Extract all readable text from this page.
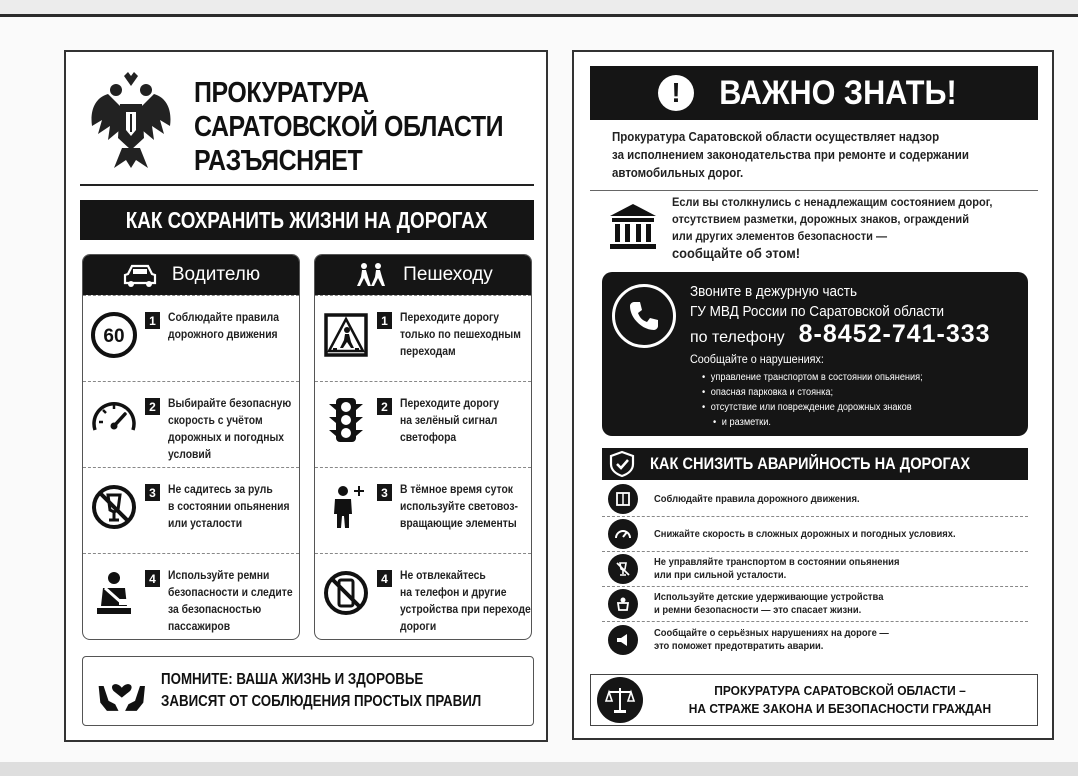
ПРОКУРАТУРА
САРАТОВСКОЙ ОБЛАСТИ
РАЗЪЯСНЯЕТ
КАК СОХРАНИТЬ ЖИЗНИ НА ДОРОГАХ
Водителю
60
1	Соблюдайте правила
дорожного движения
2	Выбирайте безопасную
скорость с учётом
дорожных и погодных
условий
3	Не садитесь за руль
в состоянии опьянения
или усталости
4	Используйте ремни
безопасности и следите
за безопасностью
пассажиров
Пешеходу
1	Переходите дорогу
только по пешеходным
переходам
2	Переходите дорогу
на зелёный сигнал
светофора
3	В тёмное время суток
используйте световоз-
вращающие элементы
4	Не отвлекайтесь
на телефон и другие
устройства при переходе
дороги
ПОМНИТЕ: ВАША ЖИЗНЬ И ЗДОРОВЬЕ
ЗАВИСЯТ ОТ СОБЛЮДЕНИЯ ПРОСТЫХ ПРАВИЛ
!	ВАЖНО ЗНАТЬ!
Прокуратура Саратовской области осуществляет надзор
за исполнением законодательства при ремонте и содержании
автомобильных дорог.
Если вы столкнулись с ненадлежащим состоянием дорог,
отсутствием разметки, дорожных знаков, ограждений
или других элементов безопасности —
сообщайте об этом!
Звоните в дежурную часть
ГУ МВД России по Саратовской области
по телефону 8-8452-741-333
Сообщайте о нарушениях:
• управление транспортом в состоянии опьянения;
• опасная парковка и стоянка;
• отсутствие или повреждение дорожных знаков
• и разметки.
КАК СНИЗИТЬ АВАРИЙНОСТЬ НА ДОРОГАХ
Соблюдайте правила дорожного движения.
Снижайте скорость в сложных дорожных и погодных условиях.
Не управляйте транспортом в состоянии опьянения
или при сильной усталости.
Используйте детские удерживающие устройства
и ремни безопасности — это спасает жизни.
Сообщайте о серьёзных нарушениях на дороге —
это поможет предотвратить аварии.
ПРОКУРАТУРА САРАТОВСКОЙ ОБЛАСТИ –
НА СТРАЖЕ ЗАКОНА И БЕЗОПАСНОСТИ ГРАЖДАН
